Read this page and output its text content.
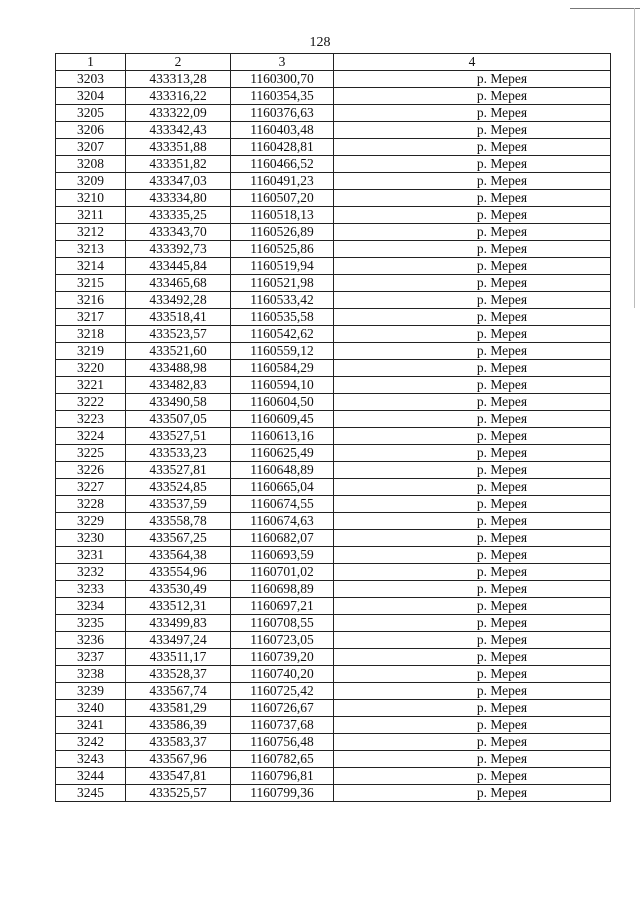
128
1	2	3	4
3203	433313,28	1160300,70	р. Мерея
3204	433316,22	1160354,35	р. Мерея
3205	433322,09	1160376,63	р. Мерея
3206	433342,43	1160403,48	р. Мерея
3207	433351,88	1160428,81	р. Мерея
3208	433351,82	1160466,52	р. Мерея
3209	433347,03	1160491,23	р. Мерея
3210	433334,80	1160507,20	р. Мерея
3211	433335,25	1160518,13	р. Мерея
3212	433343,70	1160526,89	р. Мерея
3213	433392,73	1160525,86	р. Мерея
3214	433445,84	1160519,94	р. Мерея
3215	433465,68	1160521,98	р. Мерея
3216	433492,28	1160533,42	р. Мерея
3217	433518,41	1160535,58	р. Мерея
3218	433523,57	1160542,62	р. Мерея
3219	433521,60	1160559,12	р. Мерея
3220	433488,98	1160584,29	р. Мерея
3221	433482,83	1160594,10	р. Мерея
3222	433490,58	1160604,50	р. Мерея
3223	433507,05	1160609,45	р. Мерея
3224	433527,51	1160613,16	р. Мерея
3225	433533,23	1160625,49	р. Мерея
3226	433527,81	1160648,89	р. Мерея
3227	433524,85	1160665,04	р. Мерея
3228	433537,59	1160674,55	р. Мерея
3229	433558,78	1160674,63	р. Мерея
3230	433567,25	1160682,07	р. Мерея
3231	433564,38	1160693,59	р. Мерея
3232	433554,96	1160701,02	р. Мерея
3233	433530,49	1160698,89	р. Мерея
3234	433512,31	1160697,21	р. Мерея
3235	433499,83	1160708,55	р. Мерея
3236	433497,24	1160723,05	р. Мерея
3237	433511,17	1160739,20	р. Мерея
3238	433528,37	1160740,20	р. Мерея
3239	433567,74	1160725,42	р. Мерея
3240	433581,29	1160726,67	р. Мерея
3241	433586,39	1160737,68	р. Мерея
3242	433583,37	1160756,48	р. Мерея
3243	433567,96	1160782,65	р. Мерея
3244	433547,81	1160796,81	р. Мерея
3245	433525,57	1160799,36	р. Мерея
